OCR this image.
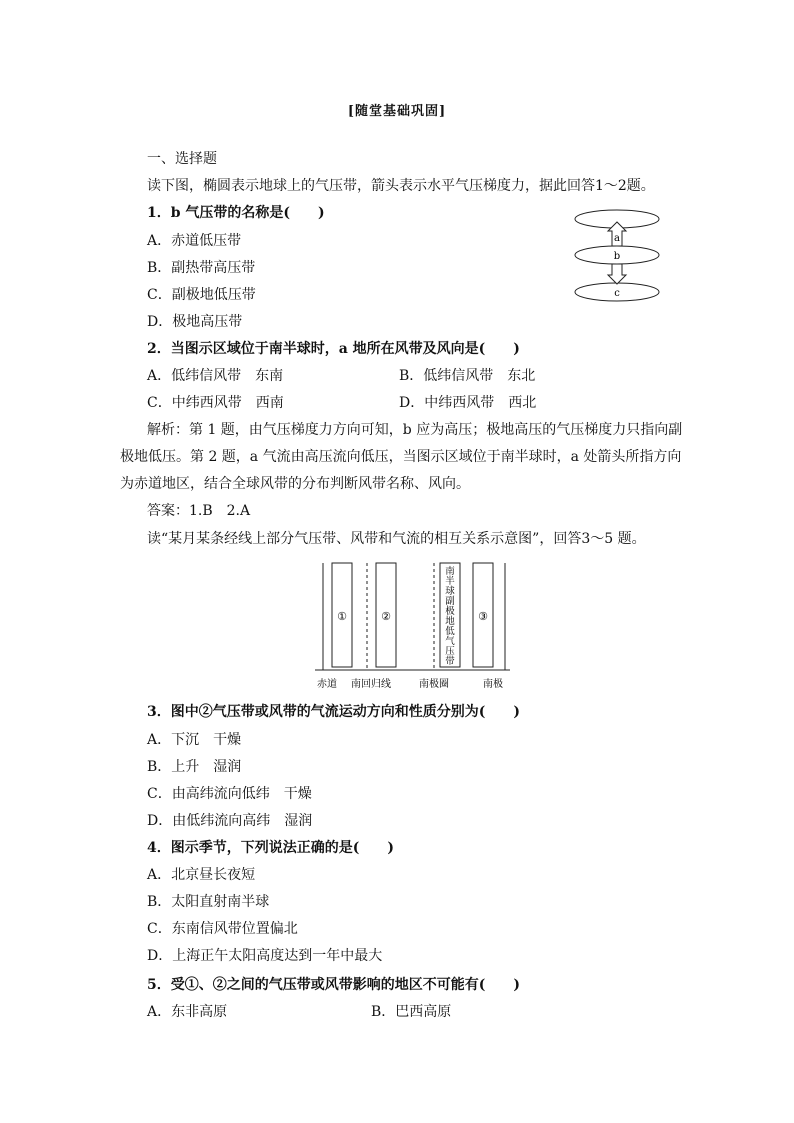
[随堂基础巩固]
一、选择题
读下图，椭圆表示地球上的气压带，箭头表示水平气压梯度力，据此回答1～2题。
1．b 气压带的名称是(　　)
A．赤道低压带
B．副热带高压带
C．副极地低压带
D．极地高压带
a
b
c
2．当图示区域位于南半球时，a 地所在风带及风向是(　　)
A．低纬信风带　东南	B．低纬信风带　东北
C．中纬西风带　西南	D．中纬西风带　西北
解析：第 1 题，由气压梯度力方向可知，b 应为高压；极地高压的气压梯度力只指向副
极地低压。第 2 题，a 气流由高压流向低压，当图示区域位于南半球时，a 处箭头所指方向
为赤道地区，结合全球风带的分布判断风带名称、风向。
答案：1.B　2.A
读“某月某条经线上部分气压带、风带和气流的相互关系示意图”，回答3～5 题。
①	②	③
南
半
球
副
极
地
低
气
压
带
赤道 南回归线	南极圈	南极
3．图中②气压带或风带的气流运动方向和性质分别为(　　)
A．下沉　干燥
B．上升　湿润
C．由高纬流向低纬　干燥
D．由低纬流向高纬　湿润
4．图示季节，下列说法正确的是(　　)
A．北京昼长夜短
B．太阳直射南半球
C．东南信风带位置偏北
D．上海正午太阳高度达到一年中最大
5．受①、②之间的气压带或风带影响的地区不可能有(　　)
A．东非高原	B．巴西高原
